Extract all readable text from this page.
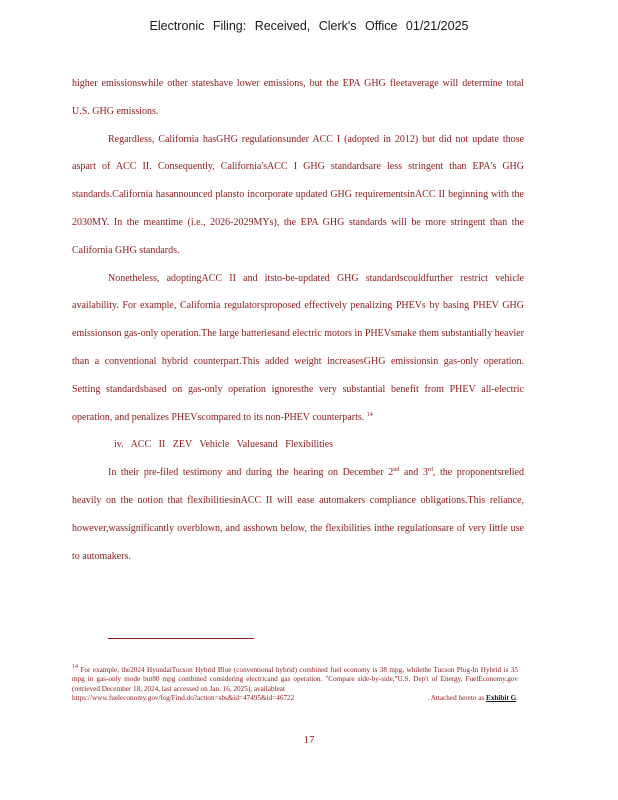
Electronic Filing: Received, Clerk's Office 01/21/2025

higher emissionswhile other stateshave lower emissions, but the EPA GHG fleetaverage will determine total U.S. GHG emissions.

Regardless, California hasGHG regulationsunder ACC I (adopted in 2012) but did not update those aspart of ACC II. Consequently, California'sACC I GHG standardsare less stringent than EPA's GHG standards.California hasannounced plansto incorporate updated GHG requirementsinACC II beginning with the 2030MY. In the meantime (i.e., 2026-2029MYs), the EPA GHG standards will be more stringent than the California GHG standards.

Nonetheless, adoptingACC II and itsto-be-updated GHG standardscouldfurther restrict vehicle availability. For example, California regulatorsproposed effectively penalizing PHEVs by basing PHEV GHG emissionson gas-only operation.The large batteriesand electric motors in PHEVsmake them substantially heavier than a conventional hybrid counterpart.This added weight increasesGHG emissionsin gas-only operation. Setting standardsbased on gas-only operation ignoresthe very substantial benefit from PHEV all-electric operation, and penalizes PHEVscompared to its non-PHEV counterparts. $^{14}$

iv. ACC II ZEV Vehicle Valuesand Flexibilities

In their pre-filed testimony and during the hearing on December 2nd and 3rd, the proponentsrelied heavily on the notion that flexibilitiesinACC II will ease automakers compliance obligations.This reliance, however,wassignificantly overblown, and asshown below, the flexibilities inthe regulationsare of very little use to automakers.

$^{14}$ For example, the2024 HyundaiTucson Hybrid Blue (conventional hybrid) combined fuel economy is 38 mpg, whilethe Tucson Plug-In Hybrid is 35 mpg in gas-only mode but80 mpg combined considering electricand gas operation. "Compare side-by-side,"U.S. Dep't of Energy, FuelEconomy.gov (retrieved December 18, 2024, last accessed on Jan. 16, 2025), availableat
https://www.fueleconomy.gov/feg/Find.do?action=sbs&id=47495&id=46722	. Attached hereto as Exhibit G.
17
